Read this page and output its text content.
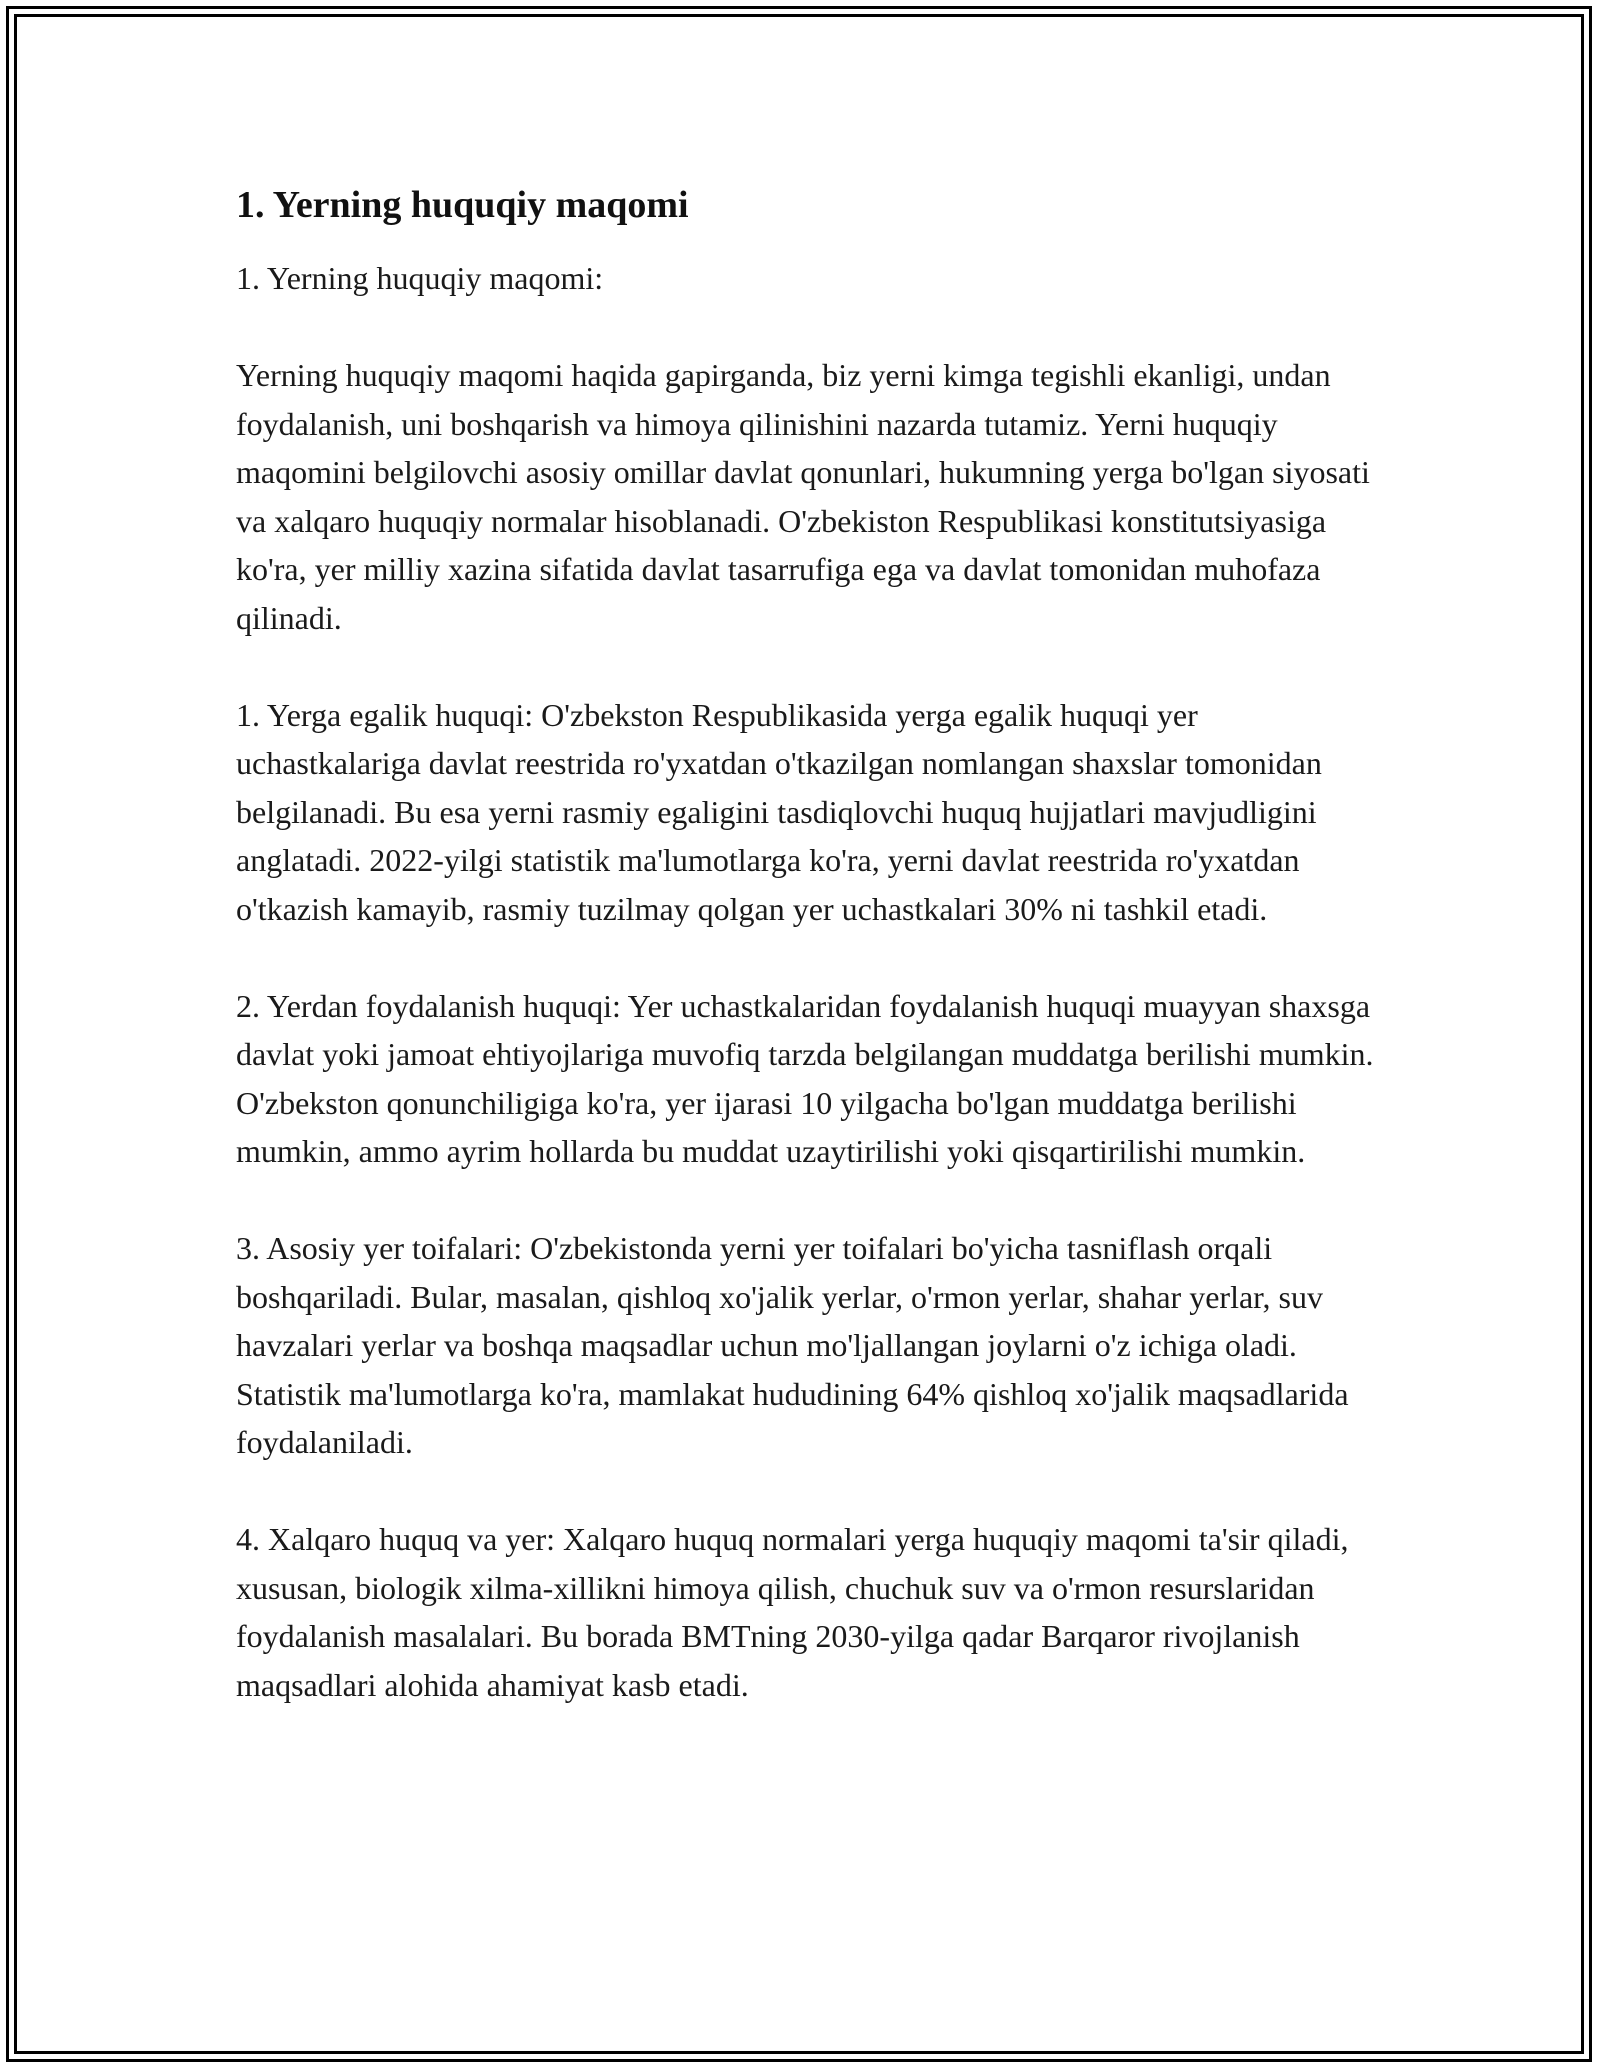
1. Yerning huquqiy maqomi

1. Yerning huquqiy maqomi:

Yerning huquqiy maqomi haqida gapirganda, biz yerni kimga tegishli ekanligi, undan foydalanish, uni boshqarish va himoya qilinishini nazarda tutamiz. Yerni huquqiy maqomini belgilovchi asosiy omillar davlat qonunlari, hukumning yerga bo'lgan siyosati va xalqaro huquqiy normalar hisoblanadi. O'zbekiston Respublikasi konstitutsiyasiga ko'ra, yer milliy xazina sifatida davlat tasarrufiga ega va davlat tomonidan muhofaza qilinadi.

1. Yerga egalik huquqi: O'zbekston Respublikasida yerga egalik huquqi yer uchastkalariga davlat reestrida ro'yxatdan o'tkazilgan nomlangan shaxslar tomonidan belgilanadi. Bu esa yerni rasmiy egaligini tasdiqlovchi huquq hujjatlari mavjudligini anglatadi. 2022-yilgi statistik ma'lumotlarga ko'ra, yerni davlat reestrida ro'yxatdan o'tkazish kamayib, rasmiy tuzilmay qolgan yer uchastkalari 30% ni tashkil etadi.

2. Yerdan foydalanish huquqi: Yer uchastkalaridan foydalanish huquqi muayyan shaxsga davlat yoki jamoat ehtiyojlariga muvofiq tarzda belgilangan muddatga berilishi mumkin. O'zbekston qonunchiligiga ko'ra, yer ijarasi 10 yilgacha bo'lgan muddatga berilishi mumkin, ammo ayrim hollarda bu muddat uzaytirilishi yoki qisqartirilishi mumkin.

3. Asosiy yer toifalari: O'zbekistonda yerni yer toifalari bo'yicha tasniflash orqali boshqariladi. Bular, masalan, qishloq xo'jalik yerlar, o'rmon yerlar, shahar yerlar, suv havzalari yerlar va boshqa maqsadlar uchun mo'ljallangan joylarni o'z ichiga oladi. Statistik ma'lumotlarga ko'ra, mamlakat hududining 64% qishloq xo'jalik maqsadlarida foydalaniladi.

4. Xalqaro huquq va yer: Xalqaro huquq normalari yerga huquqiy maqomi ta'sir qiladi, xususan, biologik xilma-xillikni himoya qilish, chuchuk suv va o'rmon resurslaridan foydalanish masalalari. Bu borada BMTning 2030-yilga qadar Barqaror rivojlanish maqsadlari alohida ahamiyat kasb etadi.
